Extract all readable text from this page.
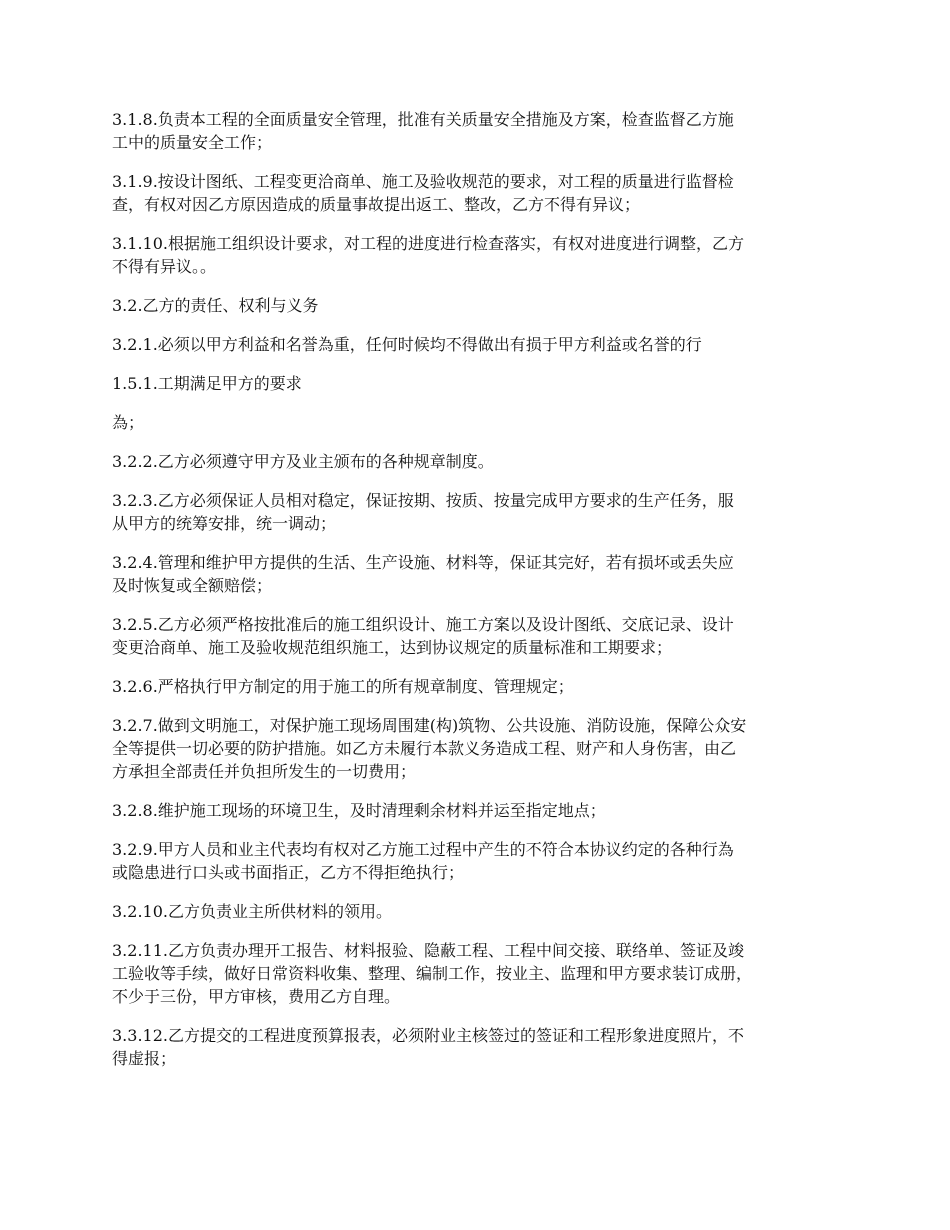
3.1.8.负责本工程的全面质量安全管理，批准有关质量安全措施及方案，检查监督乙方施
工中的质量安全工作；

3.1.9.按设计图纸、工程变更洽商单、施工及验收规范的要求，对工程的质量进行监督检
查，有权对因乙方原因造成的质量事故提出返工、整改，乙方不得有异议；

3.1.10.根据施工组织设计要求，对工程的进度进行检查落实，有权对进度进行调整，乙方
不得有异议。。

3.2.乙方的责任、权利与义务

3.2.1.必须以甲方利益和名誉為重，任何时候均不得做出有损于甲方利益或名誉的行

1.5.1.工期满足甲方的要求

為；

3.2.2.乙方必须遵守甲方及业主颁布的各种规章制度。

3.2.3.乙方必须保证人员相对稳定，保证按期、按质、按量完成甲方要求的生产任务，服
从甲方的统筹安排，统一调动；

3.2.4.管理和维护甲方提供的生活、生产设施、材料等，保证其完好，若有损坏或丢失应
及时恢复或全额赔偿；

3.2.5.乙方必须严格按批准后的施工组织设计、施工方案以及设计图纸、交底记录、设计
变更洽商单、施工及验收规范组织施工，达到协议规定的质量标准和工期要求；

3.2.6.严格执行甲方制定的用于施工的所有规章制度、管理规定；

3.2.7.做到文明施工，对保护施工现场周围建(构)筑物、公共设施、消防设施，保障公众安
全等提供一切必要的防护措施。如乙方未履行本款义务造成工程、财产和人身伤害，由乙
方承担全部责任并负担所发生的一切费用；

3.2.8.维护施工现场的环境卫生，及时清理剩余材料并运至指定地点；

3.2.9.甲方人员和业主代表均有权对乙方施工过程中产生的不符合本协议约定的各种行為
或隐患进行口头或书面指正，乙方不得拒绝执行；

3.2.10.乙方负责业主所供材料的领用。

3.2.11.乙方负责办理开工报告、材料报验、隐蔽工程、工程中间交接、联络单、签证及竣
工验收等手续，做好日常资料收集、整理、编制工作，按业主、监理和甲方要求装订成册，
不少于三份，甲方审核，费用乙方自理。

3.3.12.乙方提交的工程进度预算报表，必须附业主核签过的签证和工程形象进度照片，不
得虚报；
